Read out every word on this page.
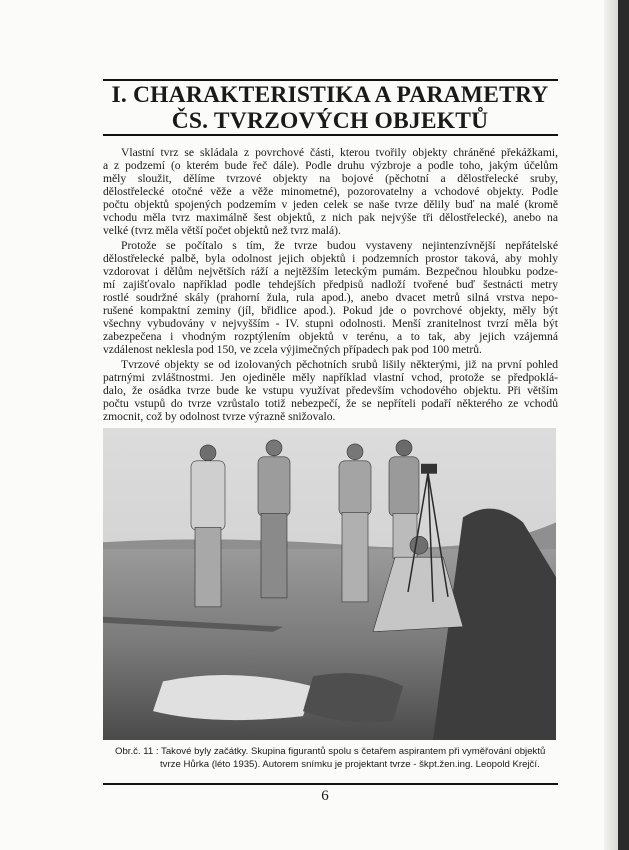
I. CHARAKTERISTIKA A PARAMETRY
ČS. TVRZOVÝCH OBJEKTŮ
Vlastní tvrz se skládala z povrchové části, kterou tvořily objekty chráněné překážkami,
a z podzemí (o kterém bude řeč dále). Podle druhu výzbroje a podle toho, jakým účelům
měly sloužit, dělíme tvrzové objekty na bojové (pěchotní a dělostřelecké sruby,
dělostřelecké otočné věže a věže minometné), pozorovatelny a vchodové objekty. Podle
počtu objektů spojených podzemím v jeden celek se naše tvrze dělily buď na malé (kromě
vchodu měla tvrz maximálně šest objektů, z nich pak nejvýše tři dělostřelecké), anebo na
velké (tvrz měla větší počet objektů než tvrz malá).
Protože se počítalo s tím, že tvrze budou vystaveny nejintenzívnější nepřátelské
dělostřelecké palbě, byla odolnost jejich objektů i podzemních prostor taková, aby mohly
vzdorovat i dělům největších ráží a nejtěžším leteckým pumám. Bezpečnou hloubku podze-
mí zajišťovalo například podle tehdejších předpisů nadloží tvořené buď šestnácti metry
rostlé soudržné skály (prahorní žula, rula apod.), anebo dvacet metrů silná vrstva nepo-
rušené kompaktní zeminy (jíl, břidlice apod.). Pokud jde o povrchové objekty, měly být
všechny vybudovány v nejvyšším - IV. stupni odolnosti. Menší zranitelnost tvrzí měla být
zabezpečena i vhodným rozptýlením objektů v terénu, a to tak, aby jejich vzájemná
vzdálenost neklesla pod 150, ve zcela výjimečných případech pak pod 100 metrů.
Tvrzové objekty se od izolovaných pěchotních srubů lišily některými, již na první pohled
patrnými zvláštnostmi. Jen ojediněle měly například vlastní vchod, protože se předpoklá-
dalo, že osádka tvrze bude ke vstupu využívat především vchodového objektu. Při větším
počtu vstupů do tvrze vzrůstalo totiž nebezpečí, že se nepříteli podaří některého ze vchodů
zmocnit, což by odolnost tvrze výrazně snižovalo.
Obr.č. 11 : Takové byly začátky. Skupina figurantů spolu s četařem aspirantem při vyměřování objektů
tvrze Hůrka (léto 1935). Autorem snímku je projektant tvrze - škpt.žen.ing. Leopold Krejčí.
6
